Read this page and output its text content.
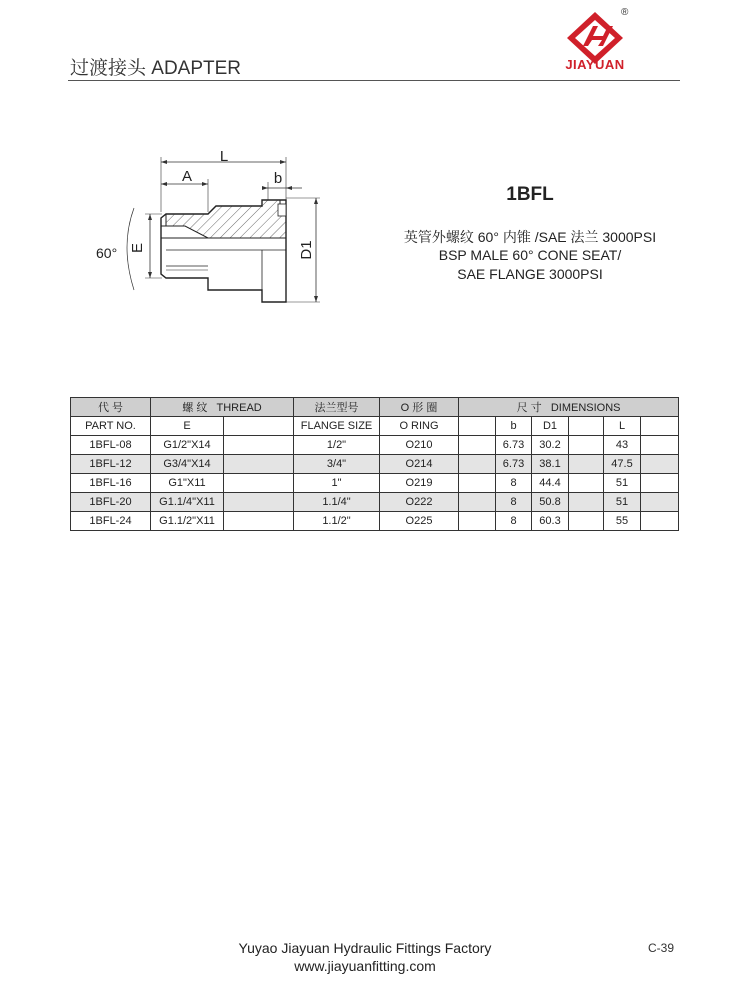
过渡接头 ADAPTER
®
JIAYUAN
L
A	b
D1
E
60°
1BFL
英管外螺纹 60° 内锥 /SAE 法兰 3000PSI
BSP MALE 60° CONE SEAT/
SAE FLANGE 3000PSI
代 号	螺 纹 THREAD		法兰型号	O 形 圈	尺 寸 DIMENSIONS					
PART NO.	E		FLANGE SIZE	O RING		b	D1		L	
1BFL-08	G1/2"X14		1/2"	O210		6.73	30.2		43	
1BFL-12	G3/4"X14		3/4"	O214		6.73	38.1		47.5	
1BFL-16	G1"X11		1"	O219		8	44.4		51	
1BFL-20	G1.1/4"X11		1.1/4"	O222		8	50.8		51	
1BFL-24	G1.1/2"X11		1.1/2"	O225		8	60.3		55	
Yuyao Jiayuan Hydraulic Fittings Factory
www.jiayuanfitting.com
C-39
